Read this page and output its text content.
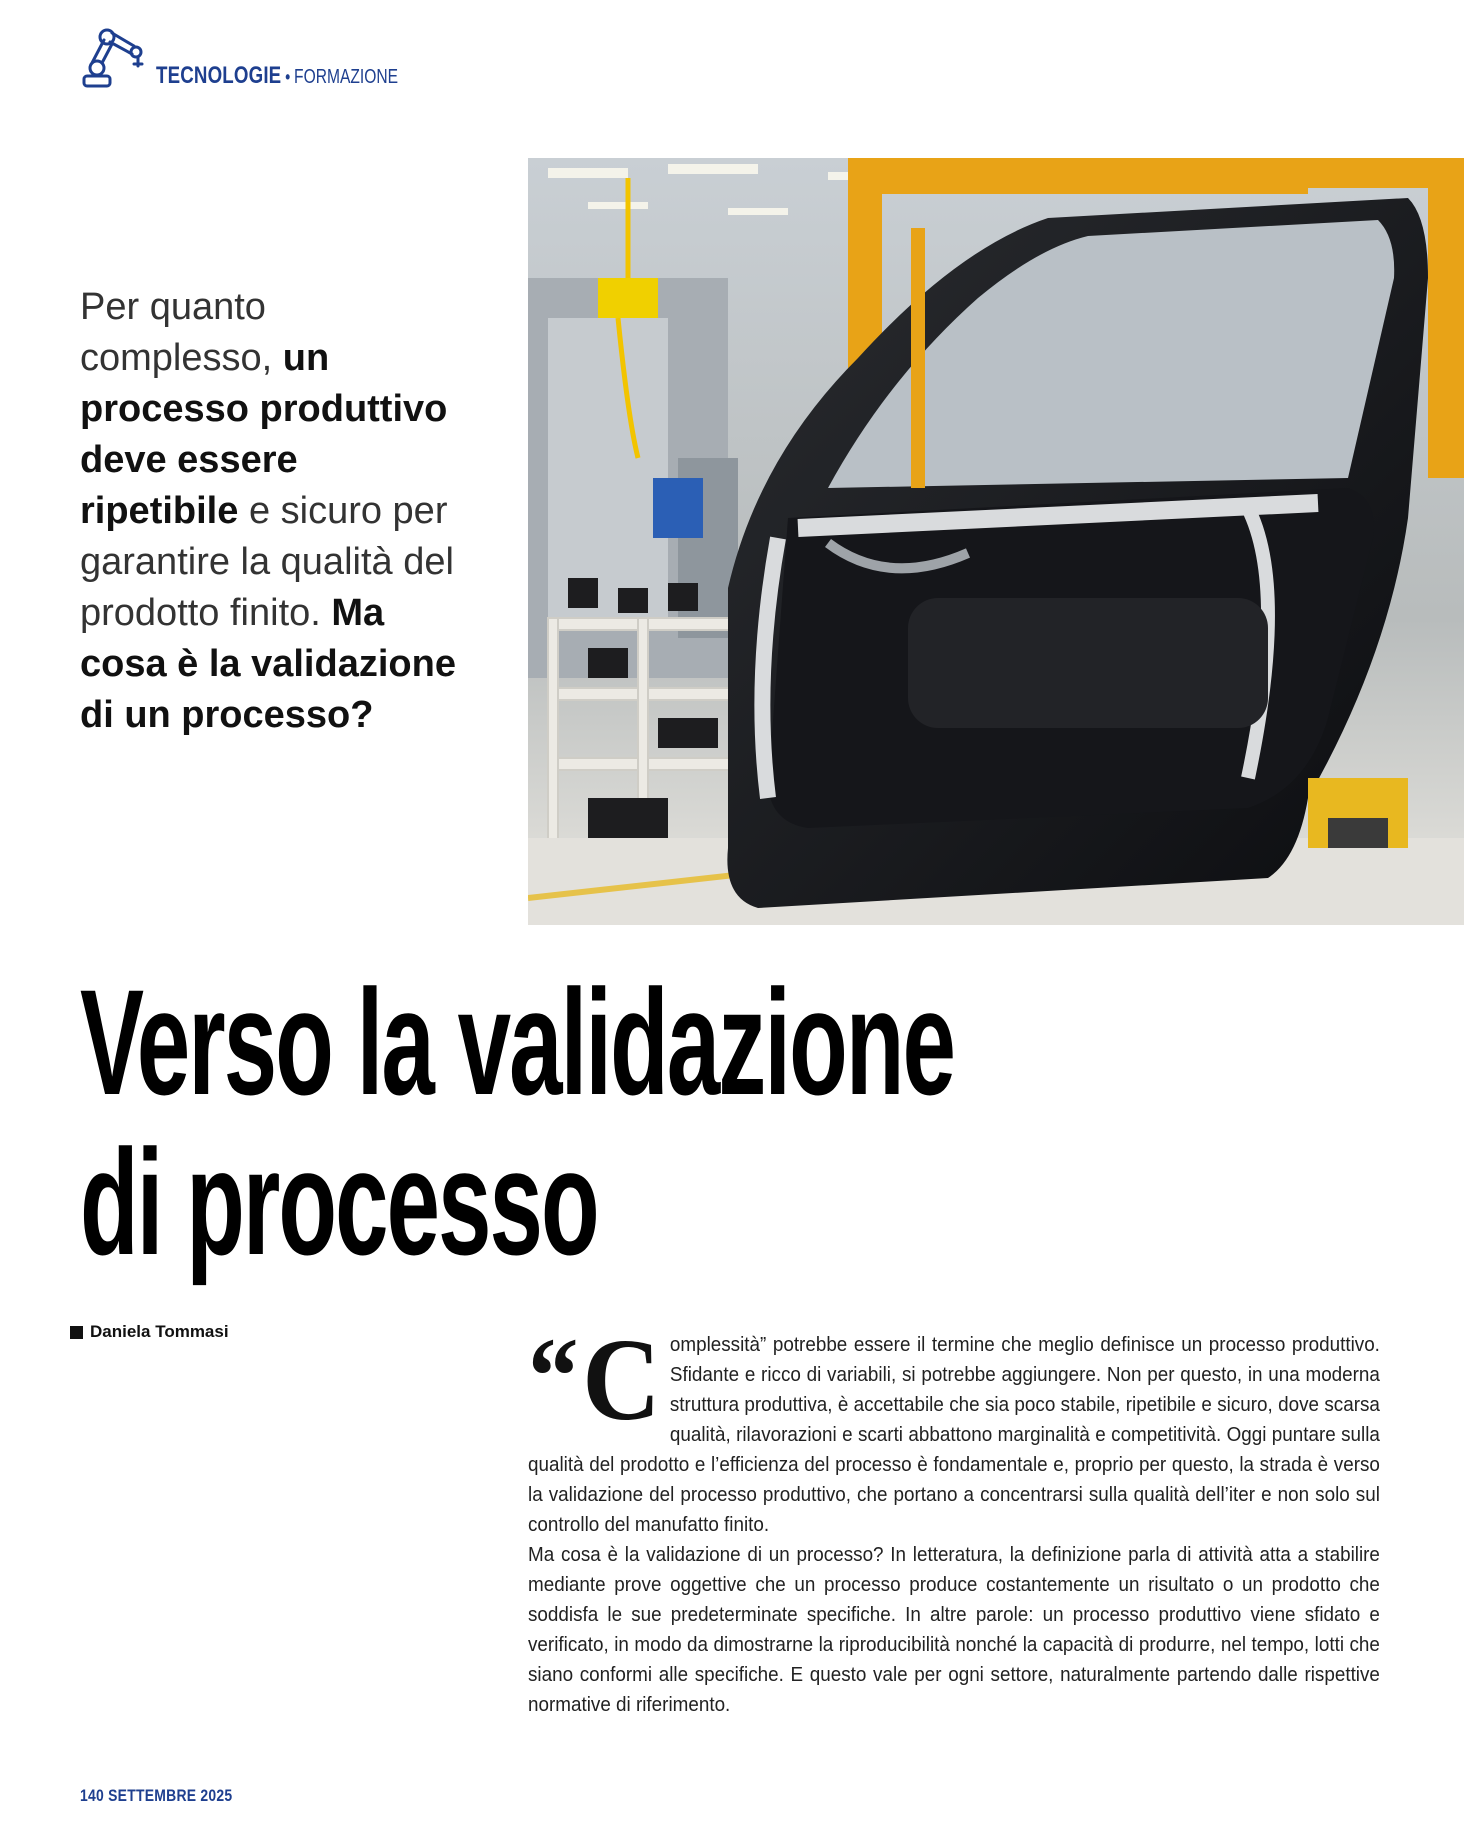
TECNOLOGIE • FORMAZIONE
Per quanto complesso, un processo produttivo deve essere ripetibile e sicuro per garantire la qualità del prodotto finito. Ma cosa è la validazione di un processo?
Verso la validazione
di processo
Daniela Tommasi	“C omplessità” potrebbe essere il termine che meglio definisce un processo produttivo. Sfidante e ricco di variabili, si potrebbe aggiungere. Non per questo, in una moderna struttura produttiva, è accettabile che sia poco stabile, ripetibile e sicuro, dove scarsa qualità, rilavorazioni e scarti abbattono marginalità e competitività. Oggi puntare sulla qualità del prodotto e l’efficienza del processo è fondamentale e, proprio per questo, la strada è verso la validazione del processo produttivo, che portano a concentrarsi sulla qualità dell’iter e non solo sul controllo del manufatto finito.

Ma cosa è la validazione di un processo? In letteratura, la definizione parla di attività atta a stabilire mediante prove oggettive che un processo produce costantemente un risultato o un prodotto che soddisfa le sue predeterminate specifiche. In altre parole: un processo produttivo viene sfidato e verificato, in modo da dimostrarne la riproducibilità nonché la capacità di produrre, nel tempo, lotti che siano conformi alle specifiche. E questo vale per ogni settore, naturalmente partendo dalle rispettive normative di riferimento.

140 SETTEMBRE 2025
